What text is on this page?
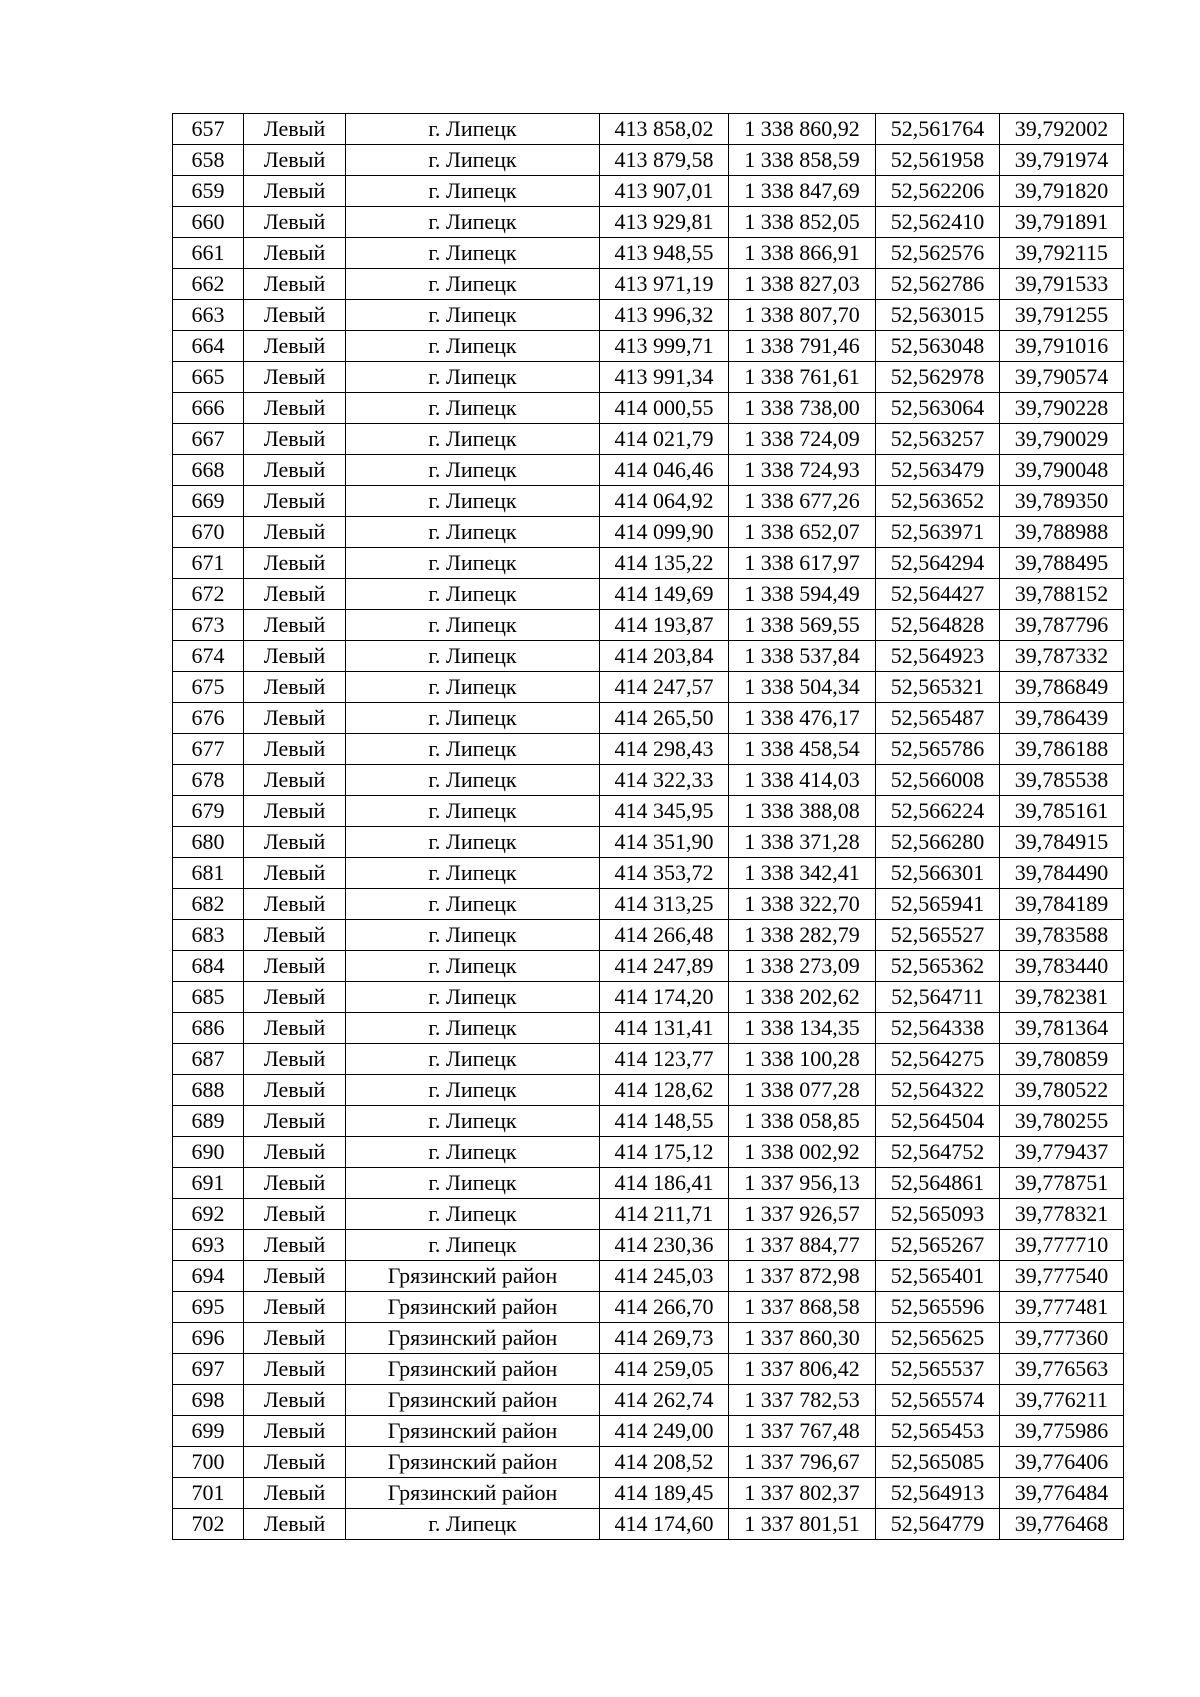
657	Левый	г. Липецк	413 858,02	1 338 860,92	52,561764	39,792002
658	Левый	г. Липецк	413 879,58	1 338 858,59	52,561958	39,791974
659	Левый	г. Липецк	413 907,01	1 338 847,69	52,562206	39,791820
660	Левый	г. Липецк	413 929,81	1 338 852,05	52,562410	39,791891
661	Левый	г. Липецк	413 948,55	1 338 866,91	52,562576	39,792115
662	Левый	г. Липецк	413 971,19	1 338 827,03	52,562786	39,791533
663	Левый	г. Липецк	413 996,32	1 338 807,70	52,563015	39,791255
664	Левый	г. Липецк	413 999,71	1 338 791,46	52,563048	39,791016
665	Левый	г. Липецк	413 991,34	1 338 761,61	52,562978	39,790574
666	Левый	г. Липецк	414 000,55	1 338 738,00	52,563064	39,790228
667	Левый	г. Липецк	414 021,79	1 338 724,09	52,563257	39,790029
668	Левый	г. Липецк	414 046,46	1 338 724,93	52,563479	39,790048
669	Левый	г. Липецк	414 064,92	1 338 677,26	52,563652	39,789350
670	Левый	г. Липецк	414 099,90	1 338 652,07	52,563971	39,788988
671	Левый	г. Липецк	414 135,22	1 338 617,97	52,564294	39,788495
672	Левый	г. Липецк	414 149,69	1 338 594,49	52,564427	39,788152
673	Левый	г. Липецк	414 193,87	1 338 569,55	52,564828	39,787796
674	Левый	г. Липецк	414 203,84	1 338 537,84	52,564923	39,787332
675	Левый	г. Липецк	414 247,57	1 338 504,34	52,565321	39,786849
676	Левый	г. Липецк	414 265,50	1 338 476,17	52,565487	39,786439
677	Левый	г. Липецк	414 298,43	1 338 458,54	52,565786	39,786188
678	Левый	г. Липецк	414 322,33	1 338 414,03	52,566008	39,785538
679	Левый	г. Липецк	414 345,95	1 338 388,08	52,566224	39,785161
680	Левый	г. Липецк	414 351,90	1 338 371,28	52,566280	39,784915
681	Левый	г. Липецк	414 353,72	1 338 342,41	52,566301	39,784490
682	Левый	г. Липецк	414 313,25	1 338 322,70	52,565941	39,784189
683	Левый	г. Липецк	414 266,48	1 338 282,79	52,565527	39,783588
684	Левый	г. Липецк	414 247,89	1 338 273,09	52,565362	39,783440
685	Левый	г. Липецк	414 174,20	1 338 202,62	52,564711	39,782381
686	Левый	г. Липецк	414 131,41	1 338 134,35	52,564338	39,781364
687	Левый	г. Липецк	414 123,77	1 338 100,28	52,564275	39,780859
688	Левый	г. Липецк	414 128,62	1 338 077,28	52,564322	39,780522
689	Левый	г. Липецк	414 148,55	1 338 058,85	52,564504	39,780255
690	Левый	г. Липецк	414 175,12	1 338 002,92	52,564752	39,779437
691	Левый	г. Липецк	414 186,41	1 337 956,13	52,564861	39,778751
692	Левый	г. Липецк	414 211,71	1 337 926,57	52,565093	39,778321
693	Левый	г. Липецк	414 230,36	1 337 884,77	52,565267	39,777710
694	Левый	Грязинский район	414 245,03	1 337 872,98	52,565401	39,777540
695	Левый	Грязинский район	414 266,70	1 337 868,58	52,565596	39,777481
696	Левый	Грязинский район	414 269,73	1 337 860,30	52,565625	39,777360
697	Левый	Грязинский район	414 259,05	1 337 806,42	52,565537	39,776563
698	Левый	Грязинский район	414 262,74	1 337 782,53	52,565574	39,776211
699	Левый	Грязинский район	414 249,00	1 337 767,48	52,565453	39,775986
700	Левый	Грязинский район	414 208,52	1 337 796,67	52,565085	39,776406
701	Левый	Грязинский район	414 189,45	1 337 802,37	52,564913	39,776484
702	Левый	г. Липецк	414 174,60	1 337 801,51	52,564779	39,776468
